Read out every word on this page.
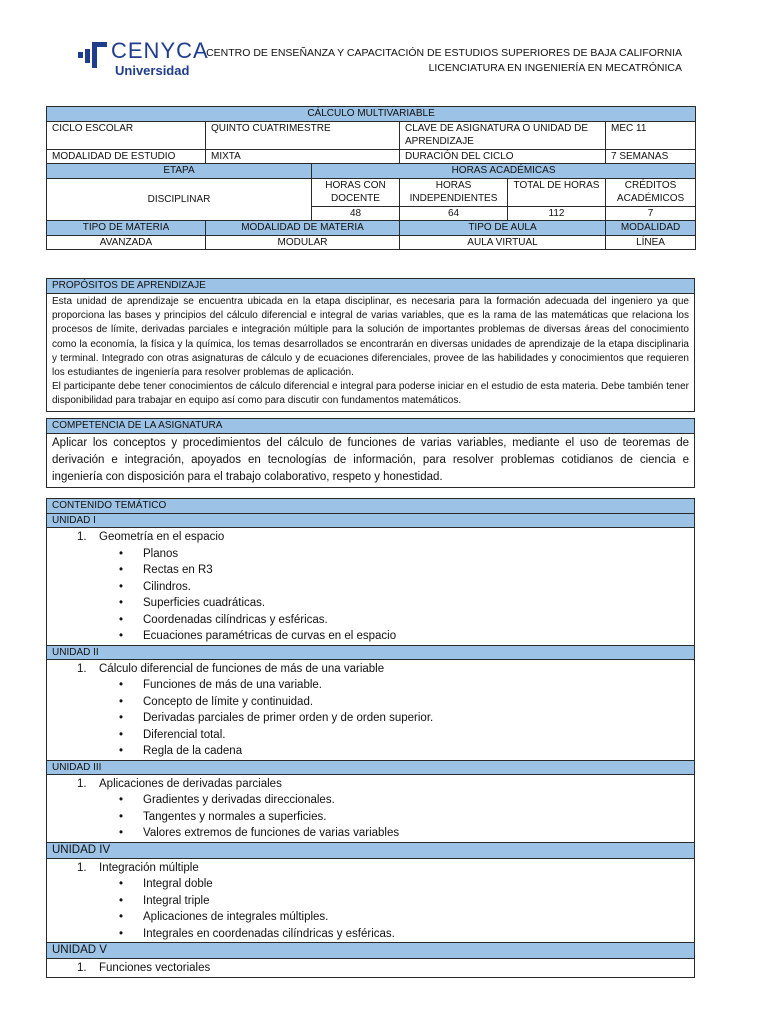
CENYCA
Universidad
CENTRO DE ENSEÑANZA Y CAPACITACIÓN DE ESTUDIOS SUPERIORES DE BAJA CALIFORNIA
LICENCIATURA EN INGENIERÍA EN MECATRÓNICA
CÁLCULO MULTIVARIABLE					
CICLO ESCOLAR	QUINTO CUATRIMESTRE		CLAVE DE ASIGNATURA O UNIDAD DE APRENDIZAJE		MEC 11
MODALIDAD DE ESTUDIO	MIXTA		DURACIÓN DEL CICLO		7 SEMANAS
ETAPA		HORAS ACADÉMICAS			
DISCIPLINAR		HORAS CON DOCENTE	HORAS INDEPENDIENTES	TOTAL DE HORAS	CRÉDITOS ACADÉMICOS
		48	64	112	7
TIPO DE MATERIA	MODALIDAD DE MATERIA		TIPO DE AULA		MODALIDAD
AVANZADA	MODULAR		AULA VIRTUAL		LÍNEA
PROPÓSITOS DE APRENDIZAJE

Esta unidad de aprendizaje se encuentra ubicada en la etapa disciplinar, es necesaria para la formación adecuada del ingeniero ya que proporciona las bases y principios del cálculo diferencial e integral de varias variables, que es la rama de las matemáticas que relaciona los procesos de límite, derivadas parciales e integración múltiple para la solución de importantes problemas de diversas áreas del conocimiento como la economía, la física y la química, los temas desarrollados se encontrarán en diversas unidades de aprendizaje de la etapa disciplinaria y terminal. Integrado con otras asignaturas de cálculo y de ecuaciones diferenciales, provee de las habilidades y conocimientos que requieren los estudiantes de ingeniería para resolver problemas de aplicación.

El participante debe tener conocimientos de cálculo diferencial e integral para poderse iniciar en el estudio de esta materia. Debe también tener disponibilidad para trabajar en equipo así como para discutir con fundamentos matemáticos.

COMPETENCIA DE LA ASIGNATURA
Aplicar los conceptos y procedimientos del cálculo de funciones de varias variables, mediante el uso de teoremas de derivación e integración, apoyados en tecnologías de información, para resolver problemas cotidianos de ciencia e ingeniería con disposición para el trabajo colaborativo, respeto y honestidad.
CONTENIDO TEMÁTICO
UNIDAD I
1. Geometría en el espacio
• Planos
• Rectas en R3
• Cilindros.
• Superficies cuadráticas.
• Coordenadas cilíndricas y esféricas.
• Ecuaciones paramétricas de curvas en el espacio
UNIDAD II
1. Cálculo diferencial de funciones de más de una variable
• Funciones de más de una variable.
• Concepto de límite y continuidad.
• Derivadas parciales de primer orden y de orden superior.
• Diferencial total.
• Regla de la cadena
UNIDAD III
1. Aplicaciones de derivadas parciales
• Gradientes y derivadas direccionales.
• Tangentes y normales a superficies.
• Valores extremos de funciones de varias variables
UNIDAD IV
1. Integración múltiple
• Integral doble
• Integral triple
• Aplicaciones de integrales múltiples.
• Integrales en coordenadas cilíndricas y esféricas.
UNIDAD V
1. Funciones vectoriales
